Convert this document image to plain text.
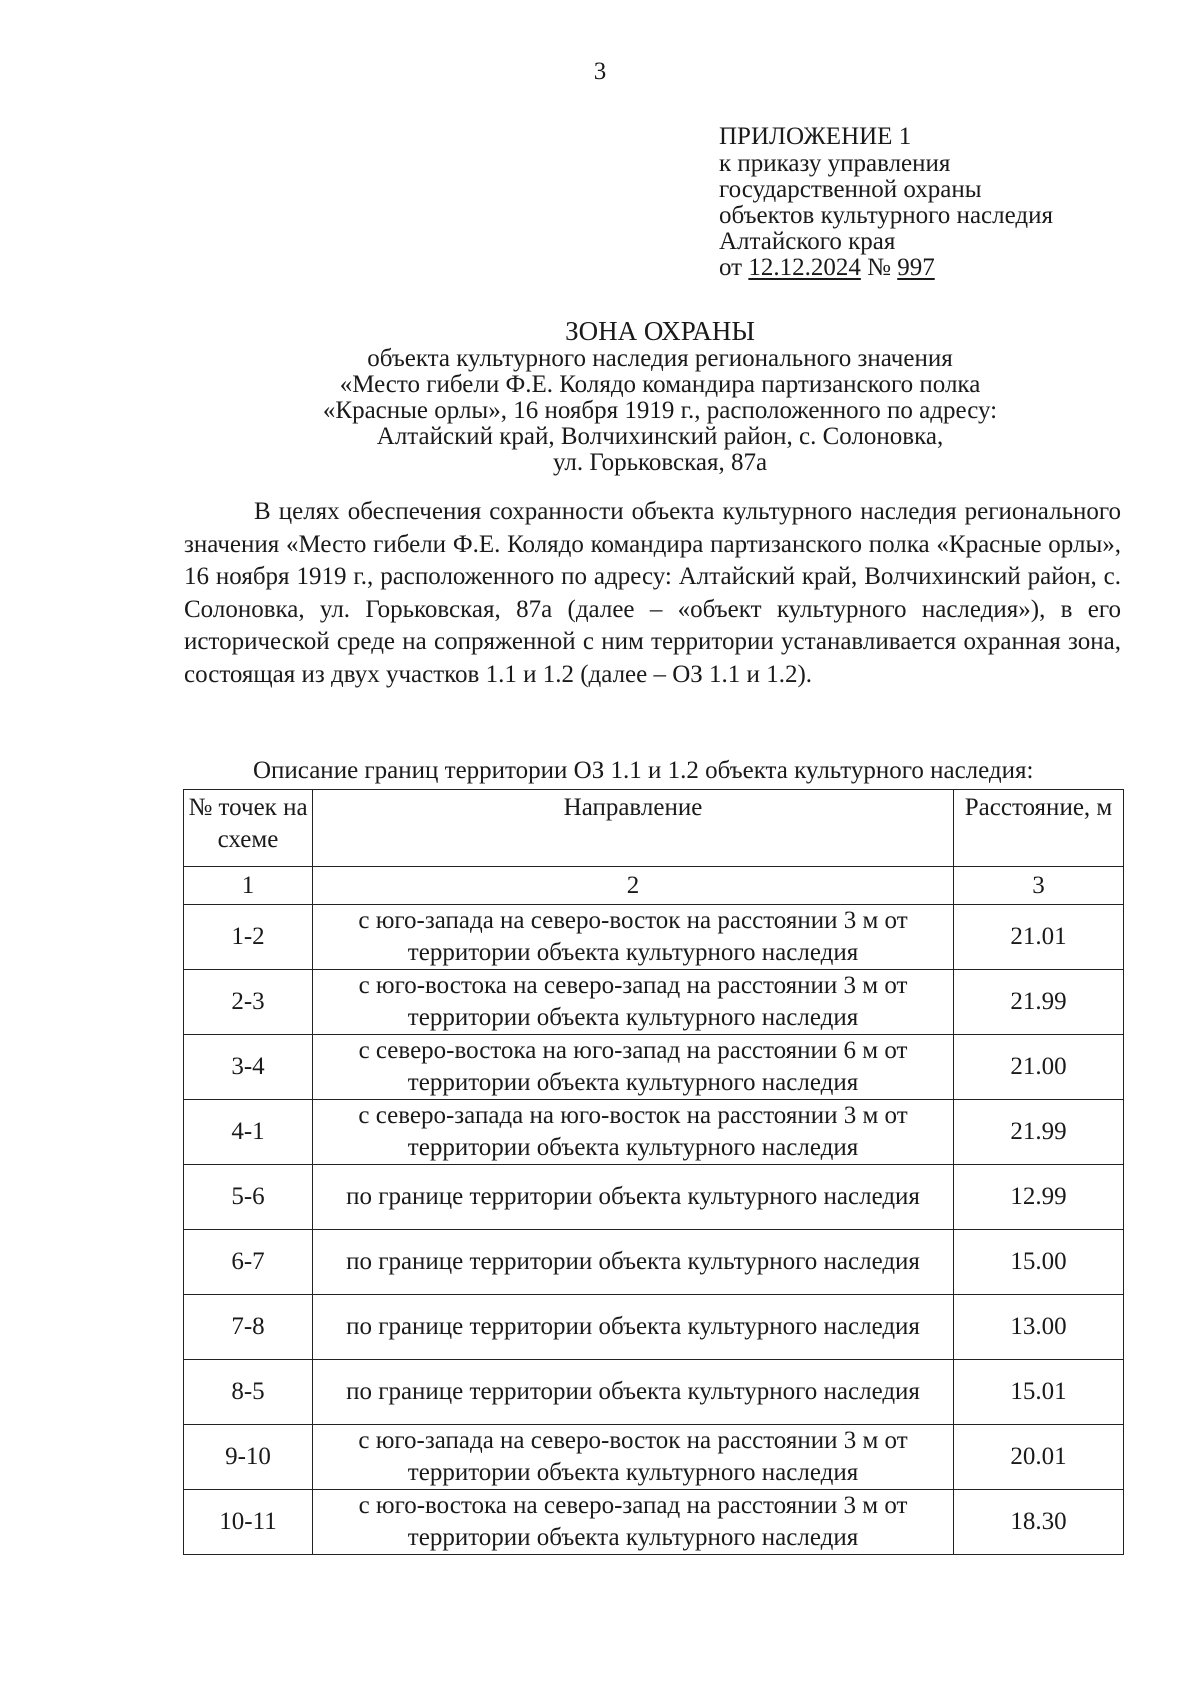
3
ПРИЛОЖЕНИЕ 1
к приказу управления
государственной охраны
объектов культурного наследия
Алтайского края
от 12.12.2024 № 997
ЗОНА ОХРАНЫ
объекта культурного наследия регионального значения
«Место гибели Ф.Е. Колядо командира партизанского полка
«Красные орлы», 16 ноября 1919 г., расположенного по адресу:
Алтайский край, Волчихинский район, с. Солоновка,
ул. Горьковская, 87а

В целях обеспечения сохранности объекта культурного наследия регионального значения «Место гибели Ф.Е. Колядо командира партизанского полка «Красные орлы», 16 ноября 1919 г., расположенного по адресу: Алтайский край, Волчихинский район, с. Солоновка, ул. Горьковская, 87а (далее – «объект культурного наследия»), в его исторической среде на сопряженной с ним территории устанавливается охранная зона, состоящая из двух участков 1.1 и 1.2 (далее – ОЗ 1.1 и 1.2).

Описание границ территории ОЗ 1.1 и 1.2 объекта культурного наследия:
№ точек на схеме	Направление	Расстояние, м
1	2	3
1-2	с юго-запада на северо-восток на расстоянии 3 м от территории объекта культурного наследия	21.01
2-3	с юго-востока на северо-запад на расстоянии 3 м от территории объекта культурного наследия	21.99
3-4	с северо-востока на юго-запад на расстоянии 6 м от территории объекта культурного наследия	21.00
4-1	с северо-запада на юго-восток на расстоянии 3 м от территории объекта культурного наследия	21.99
5-6	по границе территории объекта культурного наследия	12.99
6-7	по границе территории объекта культурного наследия	15.00
7-8	по границе территории объекта культурного наследия	13.00
8-5	по границе территории объекта культурного наследия	15.01
9-10	с юго-запада на северо-восток на расстоянии 3 м от территории объекта культурного наследия	20.01
10-11	с юго-востока на северо-запад на расстоянии 3 м от территории объекта культурного наследия	18.30
